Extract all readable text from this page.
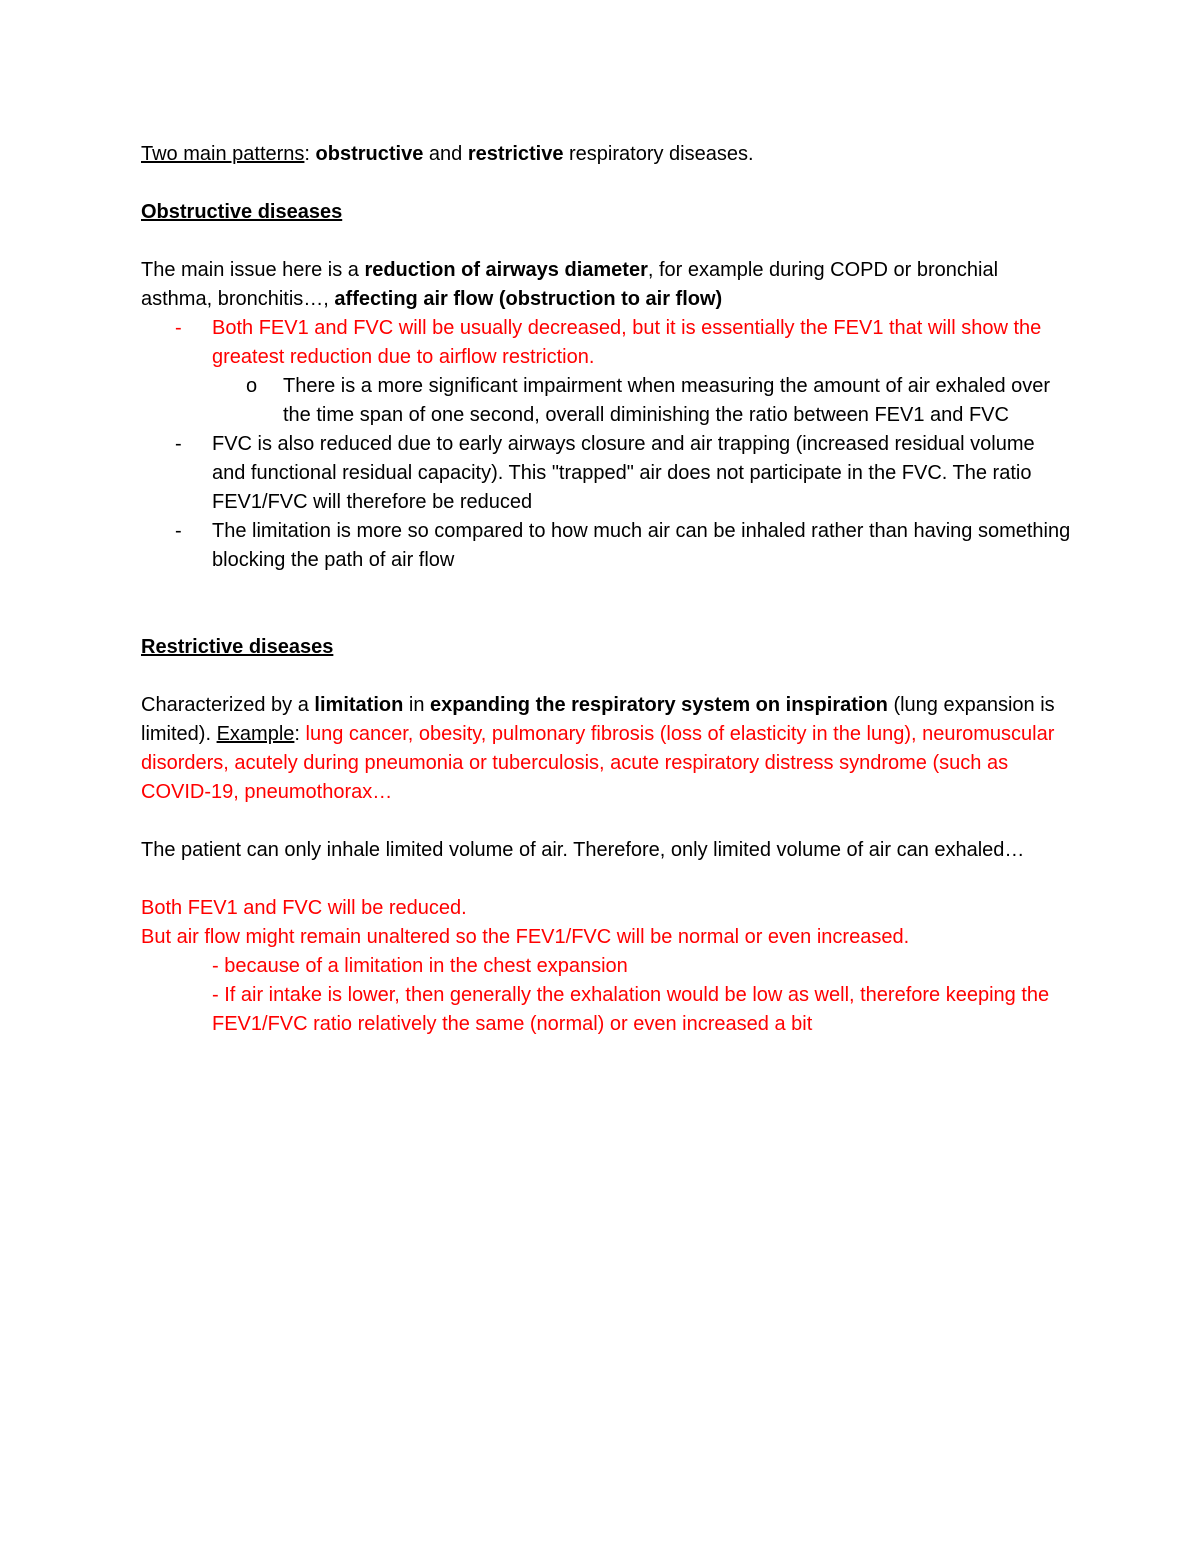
Two main patterns: obstructive and restrictive respiratory diseases.

Obstructive diseases

The main issue here is a reduction of airways diameter, for example during COPD or bronchial asthma, bronchitis…, affecting air flow (obstruction to air flow)

- Both FEV1 and FVC will be usually decreased, but it is essentially the FEV1 that will show the greatest reduction due to airflow restriction.
o There is a more significant impairment when measuring the amount of air exhaled over the time span of one second, overall diminishing the ratio between FEV1 and FVC
- FVC is also reduced due to early airways closure and air trapping (increased residual volume and functional residual capacity). This "trapped" air does not participate in the FVC. The ratio FEV1/FVC will therefore be reduced
- The limitation is more so compared to how much air can be inhaled rather than having something blocking the path of air flow

Restrictive diseases

Characterized by a limitation in expanding the respiratory system on inspiration (lung expansion is limited). Example: lung cancer, obesity, pulmonary fibrosis (loss of elasticity in the lung), neuromuscular disorders, acutely during pneumonia or tuberculosis, acute respiratory distress syndrome (such as COVID-19, pneumothorax…

The patient can only inhale limited volume of air. Therefore, only limited volume of air can exhaled…

Both FEV1 and FVC will be reduced.

But air flow might remain unaltered so the FEV1/FVC will be normal or even increased.

- because of a limitation in the chest expansion

- If air intake is lower, then generally the exhalation would be low as well, therefore keeping the FEV1/FVC ratio relatively the same (normal) or even increased a bit
